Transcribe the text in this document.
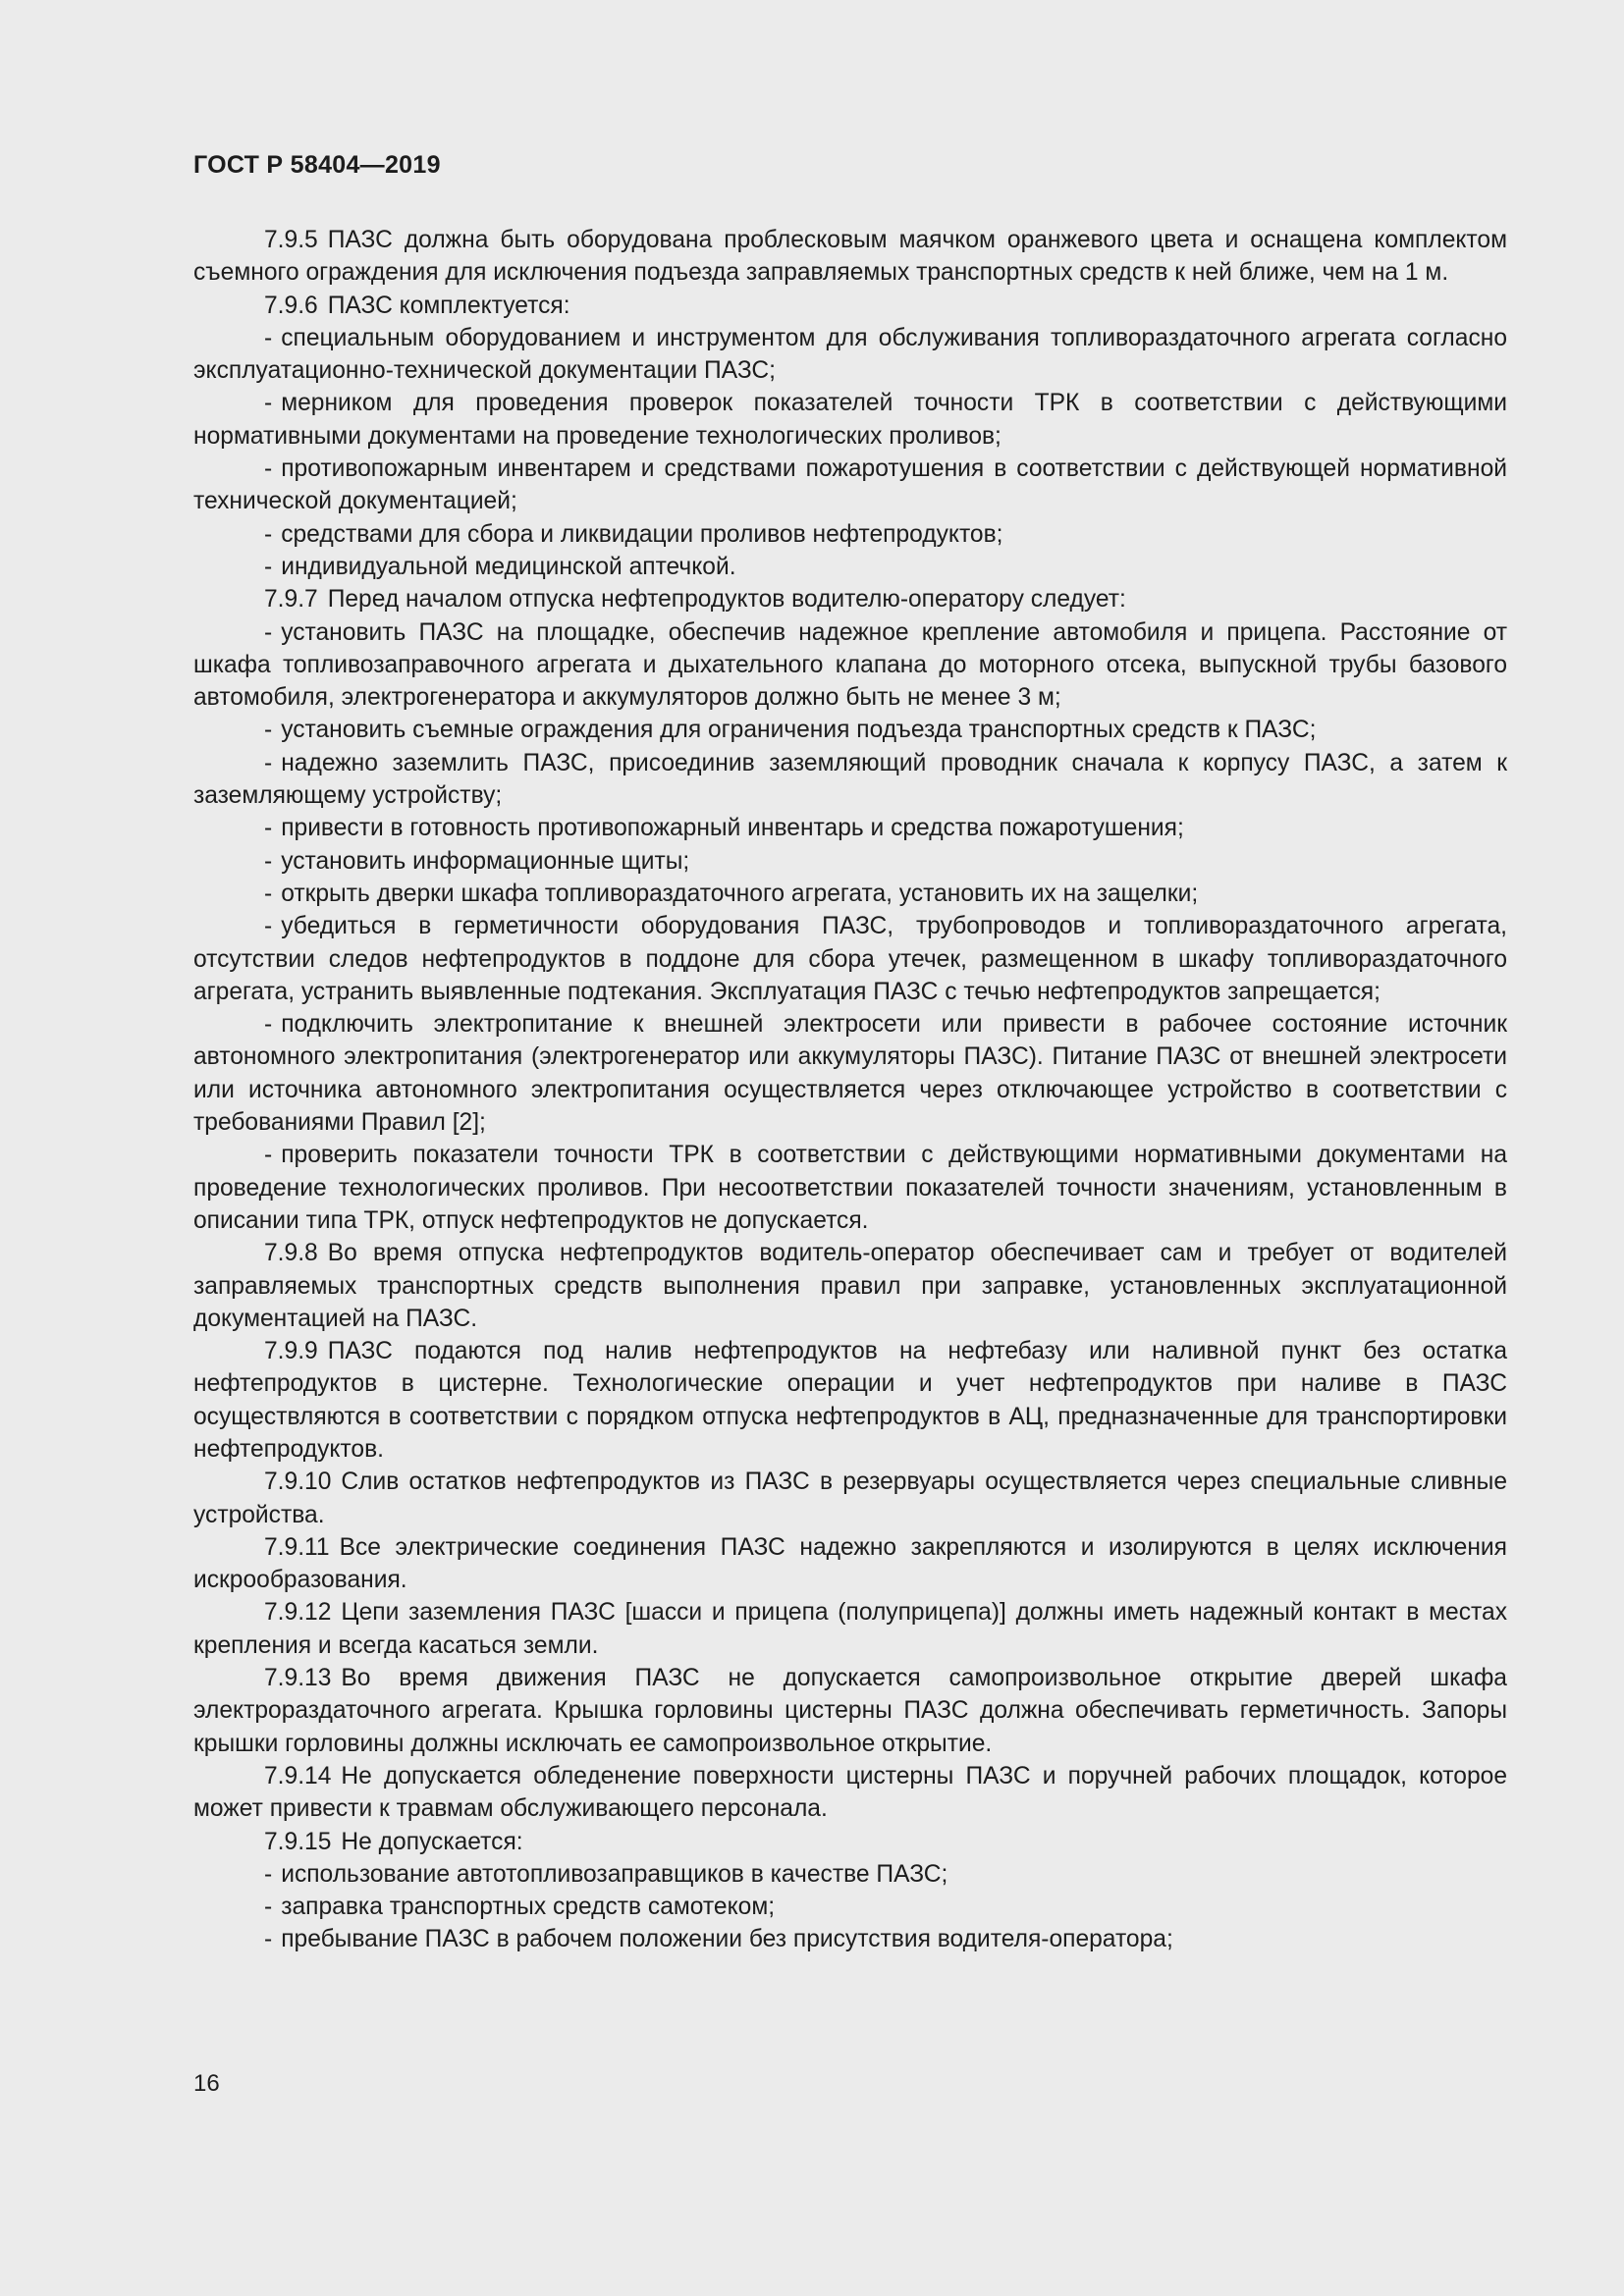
ГОСТ Р 58404—2019

7.9.5 ПАЗС должна быть оборудована проблесковым маячком оранжевого цвета и оснащена комплектом съемного ограждения для исключения подъезда заправляемых транспортных средств к ней ближе, чем на 1 м.

7.9.6 ПАЗС комплектуется:

- специальным оборудованием и инструментом для обслуживания топливораздаточного агрегата согласно эксплуатационно-технической документации ПАЗС;

- мерником для проведения проверок показателей точности ТРК в соответствии с действующими нормативными документами на проведение технологических проливов;

- противопожарным инвентарем и средствами пожаротушения в соответствии с действующей нормативной технической документацией;

- средствами для сбора и ликвидации проливов нефтепродуктов;

- индивидуальной медицинской аптечкой.

7.9.7 Перед началом отпуска нефтепродуктов водителю-оператору следует:

- установить ПАЗС на площадке, обеспечив надежное крепление автомобиля и прицепа. Расстояние от шкафа топливозаправочного агрегата и дыхательного клапана до моторного отсека, выпускной трубы базового автомобиля, электрогенератора и аккумуляторов должно быть не менее 3 м;

- установить съемные ограждения для ограничения подъезда транспортных средств к ПАЗС;

- надежно заземлить ПАЗС, присоединив заземляющий проводник сначала к корпусу ПАЗС, а затем к заземляющему устройству;

- привести в готовность противопожарный инвентарь и средства пожаротушения;

- установить информационные щиты;

- открыть дверки шкафа топливораздаточного агрегата, установить их на защелки;

- убедиться в герметичности оборудования ПАЗС, трубопроводов и топливораздаточного агрегата, отсутствии следов нефтепродуктов в поддоне для сбора утечек, размещенном в шкафу топливораздаточного агрегата, устранить выявленные подтекания. Эксплуатация ПАЗС с течью нефтепродуктов запрещается;

- подключить электропитание к внешней электросети или привести в рабочее состояние источник автономного электропитания (электрогенератор или аккумуляторы ПАЗС). Питание ПАЗС от внешней электросети или источника автономного электропитания осуществляется через отключающее устройство в соответствии с требованиями Правил [2];

- проверить показатели точности ТРК в соответствии с действующими нормативными документами на проведение технологических проливов. При несоответствии показателей точности значениям, установленным в описании типа ТРК, отпуск нефтепродуктов не допускается.

7.9.8 Во время отпуска нефтепродуктов водитель-оператор обеспечивает сам и требует от водителей заправляемых транспортных средств выполнения правил при заправке, установленных эксплуатационной документацией на ПАЗС.

7.9.9 ПАЗС подаются под налив нефтепродуктов на нефтебазу или наливной пункт без остатка нефтепродуктов в цистерне. Технологические операции и учет нефтепродуктов при наливе в ПАЗС осуществляются в соответствии с порядком отпуска нефтепродуктов в АЦ, предназначенные для транспортировки нефтепродуктов.

7.9.10 Слив остатков нефтепродуктов из ПАЗС в резервуары осуществляется через специальные сливные устройства.

7.9.11 Все электрические соединения ПАЗС надежно закрепляются и изолируются в целях исключения искрообразования.

7.9.12 Цепи заземления ПАЗС [шасси и прицепа (полуприцепа)] должны иметь надежный контакт в местах крепления и всегда касаться земли.

7.9.13 Во время движения ПАЗС не допускается самопроизвольное открытие дверей шкафа электрораздаточного агрегата. Крышка горловины цистерны ПАЗС должна обеспечивать герметичность. Запоры крышки горловины должны исключать ее самопроизвольное открытие.

7.9.14 Не допускается обледенение поверхности цистерны ПАЗС и поручней рабочих площадок, которое может привести к травмам обслуживающего персонала.

7.9.15 Не допускается:

- использование автотопливозаправщиков в качестве ПАЗС;

- заправка транспортных средств самотеком;

- пребывание ПАЗС в рабочем положении без присутствия водителя-оператора;

16
